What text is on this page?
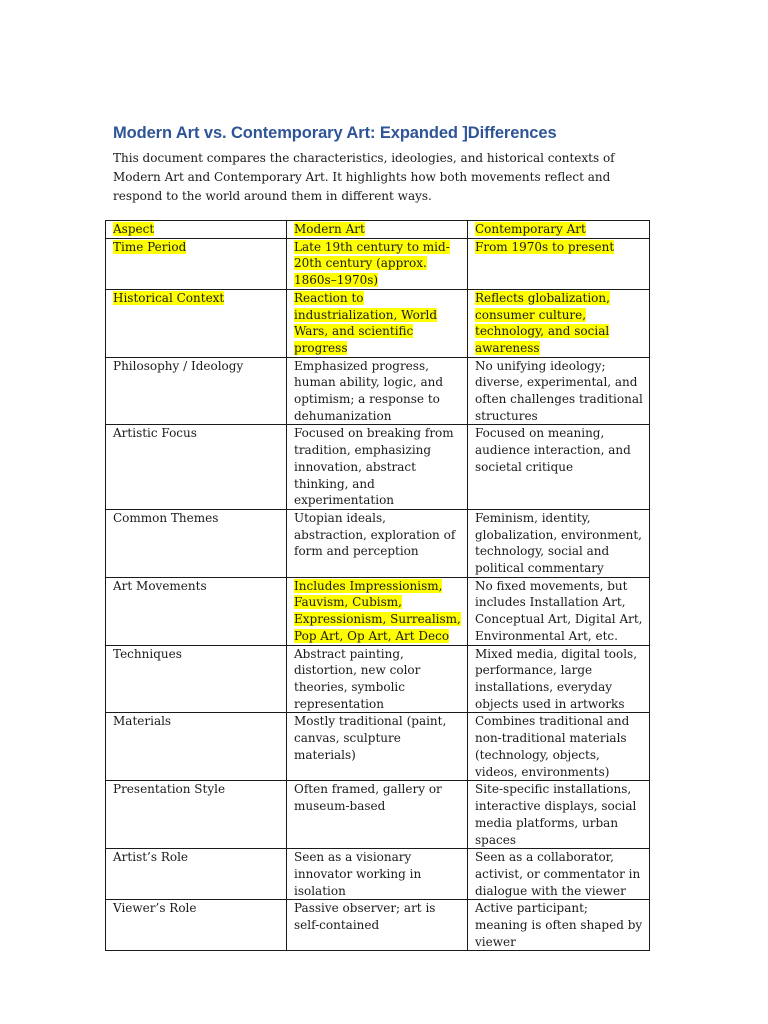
Modern Art vs. Contemporary Art: Expanded ]Differences
This document compares the characteristics, ideologies, and historical contexts of Modern Art and Contemporary Art. It highlights how both movements reflect and respond to the world around them in different ways.
Aspect	Modern Art	Contemporary Art
Time Period	Late 19th century to mid-20th century (approx. 1860s–1970s)	From 1970s to present
Historical Context	Reaction to industrialization, World Wars, and scientific progress	Reflects globalization, consumer culture, technology, and social awareness
Philosophy / Ideology	Emphasized progress, human ability, logic, and optimism; a response to dehumanization	No unifying ideology; diverse, experimental, and often challenges traditional structures
Artistic Focus	Focused on breaking from tradition, emphasizing innovation, abstract thinking, and experimentation	Focused on meaning, audience interaction, and societal critique
Common Themes	Utopian ideals, abstraction, exploration of form and perception	Feminism, identity, globalization, environment, technology, social and political commentary
Art Movements	Includes Impressionism, Fauvism, Cubism, Expressionism, Surrealism, Pop Art, Op Art, Art Deco	No fixed movements, but includes Installation Art, Conceptual Art, Digital Art, Environmental Art, etc.
Techniques	Abstract painting, distortion, new color theories, symbolic representation	Mixed media, digital tools, performance, large installations, everyday objects used in artworks
Materials	Mostly traditional (paint, canvas, sculpture materials)	Combines traditional and non-traditional materials (technology, objects, videos, environments)
Presentation Style	Often framed, gallery or museum-based	Site-specific installations, interactive displays, social media platforms, urban spaces
Artist’s Role	Seen as a visionary innovator working in isolation	Seen as a collaborator, activist, or commentator in dialogue with the viewer
Viewer’s Role	Passive observer; art is self-contained	Active participant; meaning is often shaped by viewer
